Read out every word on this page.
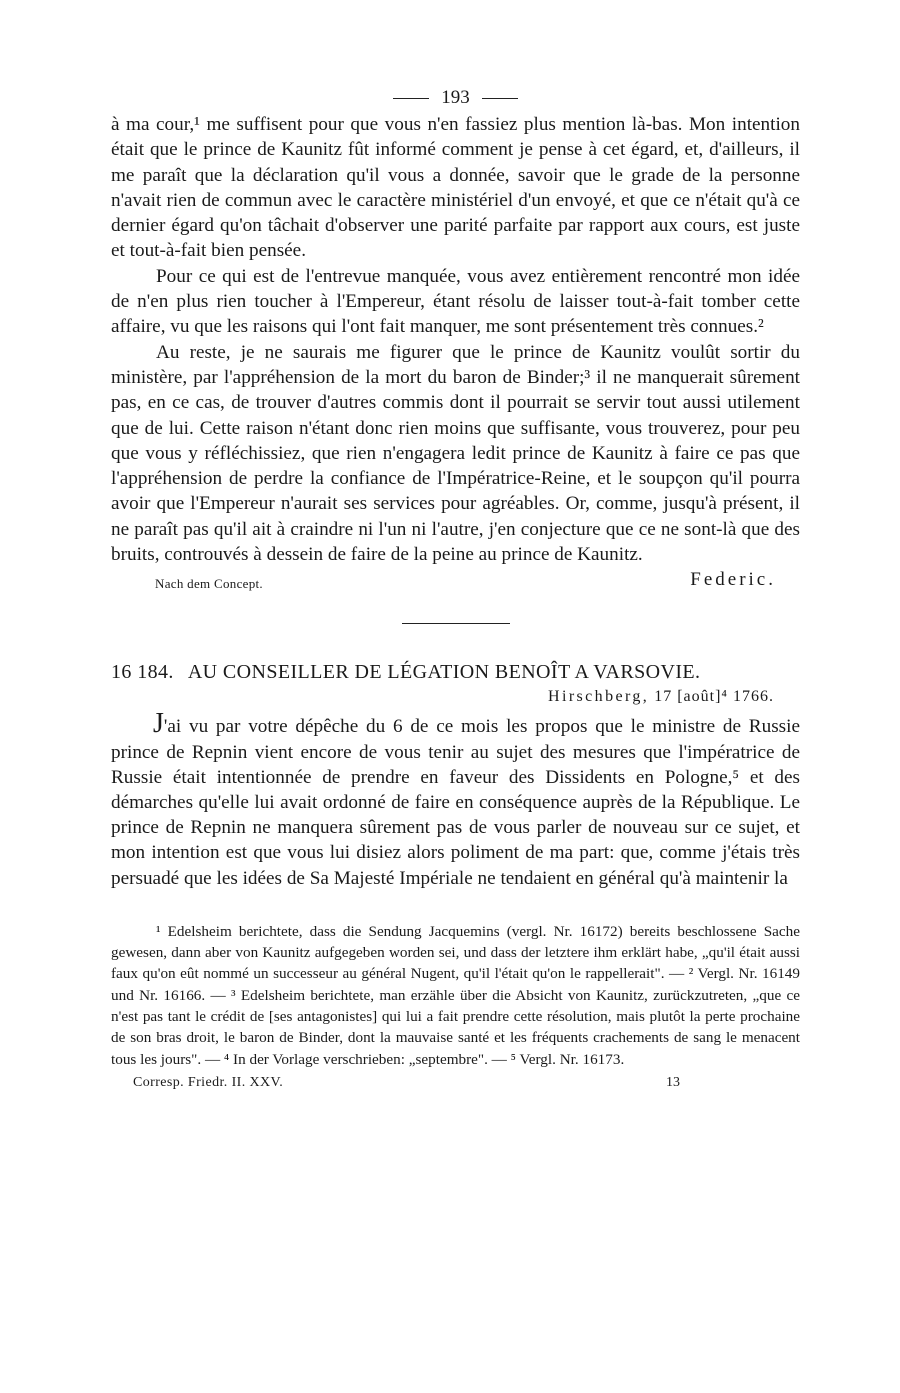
193

à ma cour,¹ me suffisent pour que vous n'en fassiez plus mention là-bas. Mon intention était que le prince de Kaunitz fût informé comment je pense à cet égard, et, d'ailleurs, il me paraît que la déclaration qu'il vous a donnée, savoir que le grade de la personne n'avait rien de commun avec le caractère ministériel d'un envoyé, et que ce n'était qu'à ce dernier égard qu'on tâchait d'observer une parité parfaite par rapport aux cours, est juste et tout-à-fait bien pensée.

Pour ce qui est de l'entrevue manquée, vous avez entièrement rencontré mon idée de n'en plus rien toucher à l'Empereur, étant résolu de laisser tout-à-fait tomber cette affaire, vu que les raisons qui l'ont fait manquer, me sont présentement très connues.²

Au reste, je ne saurais me figurer que le prince de Kaunitz voulût sortir du ministère, par l'appréhension de la mort du baron de Binder;³ il ne manquerait sûrement pas, en ce cas, de trouver d'autres commis dont il pourrait se servir tout aussi utilement que de lui. Cette raison n'étant donc rien moins que suffisante, vous trouverez, pour peu que vous y réfléchissiez, que rien n'engagera ledit prince de Kaunitz à faire ce pas que l'appréhension de perdre la confiance de l'Impératrice-Reine, et le soupçon qu'il pourra avoir que l'Empereur n'aurait ses services pour agréables. Or, comme, jusqu'à présent, il ne paraît pas qu'il ait à craindre ni l'un ni l'autre, j'en conjecture que ce ne sont-là que des bruits, controuvés à dessein de faire de la peine au prince de Kaunitz.

Nach dem Concept.	Federic.
16 184. AU CONSEILLER DE LÉGATION BENOÎT A VARSOVIE.
Hirschberg, 17 [août]⁴ 1766.

J'ai vu par votre dépêche du 6 de ce mois les propos que le ministre de Russie prince de Repnin vient encore de vous tenir au sujet des mesures que l'impératrice de Russie était intentionnée de prendre en faveur des Dissidents en Pologne,⁵ et des démarches qu'elle lui avait ordonné de faire en conséquence auprès de la République. Le prince de Repnin ne manquera sûrement pas de vous parler de nouveau sur ce sujet, et mon intention est que vous lui disiez alors poliment de ma part: que, comme j'étais très persuadé que les idées de Sa Majesté Impériale ne tendaient en général qu'à maintenir la

¹ Edelsheim berichtete, dass die Sendung Jacquemins (vergl. Nr. 16172) bereits beschlossene Sache gewesen, dann aber von Kaunitz aufgegeben worden sei, und dass der letztere ihm erklärt habe, „qu'il était aussi faux qu'on eût nommé un successeur au général Nugent, qu'il l'était qu'on le rappellerait". — ² Vergl. Nr. 16149 und Nr. 16166. — ³ Edelsheim berichtete, man erzähle über die Absicht von Kaunitz, zurückzutreten, „que ce n'est pas tant le crédit de [ses antagonistes] qui lui a fait prendre cette résolution, mais plutôt la perte prochaine de son bras droit, le baron de Binder, dont la mauvaise santé et les fréquents crachements de sang le menacent tous les jours". — ⁴ In der Vorlage verschrieben: „septembre". — ⁵ Vergl. Nr. 16173.

Corresp. Friedr. II. XXV.	13
